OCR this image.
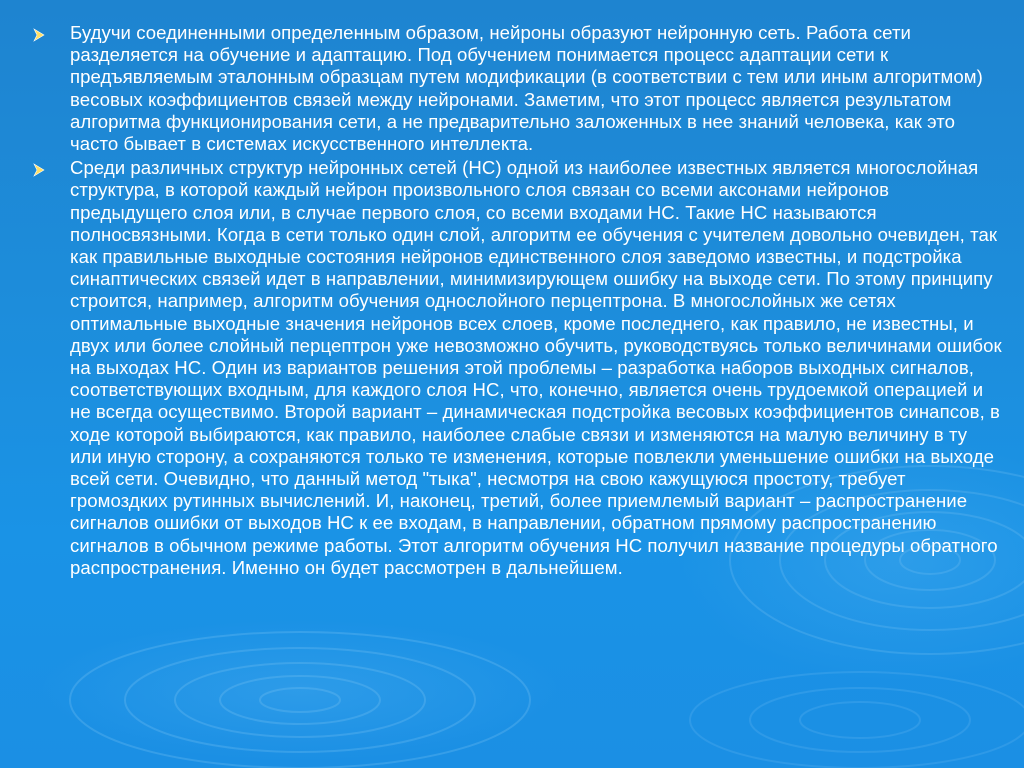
Будучи соединенными определенным образом, нейроны образуют нейронную сеть. Работа сети разделяется на обучение и адаптацию. Под обучением понимается процесс адаптации сети к предъявляемым эталонным образцам путем модификации (в соответствии с тем или иным алгоритмом) весовых коэффициентов связей между нейронами. Заметим, что этот процесс является результатом алгоритма функционирования сети, а не предварительно заложенных в нее знаний человека, как это часто бывает в системах искусственного интеллекта.
Среди различных структур нейронных сетей (НС) одной из наиболее известных является многослойная структура, в которой каждый нейрон произвольного слоя связан со всеми аксонами нейронов предыдущего слоя или, в случае первого слоя, со всеми входами НС. Такие НС называются полносвязными. Когда в сети только один слой, алгоритм ее обучения с учителем довольно очевиден, так как правильные выходные состояния нейронов единственного слоя заведомо известны, и подстройка синаптических связей идет в направлении, минимизирующем ошибку на выходе сети. По этому принципу строится, например, алгоритм обучения однослойного перцептрона. В многослойных же сетях оптимальные выходные значения нейронов всех слоев, кроме последнего, как правило, не известны, и двух или более слойный перцептрон уже невозможно обучить, руководствуясь только величинами ошибок на выходах НС. Один из вариантов решения этой проблемы – разработка наборов выходных сигналов, соответствующих входным, для каждого слоя НС, что, конечно, является очень трудоемкой операцией и не всегда осуществимо. Второй вариант – динамическая подстройка весовых коэффициентов синапсов, в ходе которой выбираются, как правило, наиболее слабые связи и изменяются на малую величину в ту или иную сторону, а сохраняются только те изменения, которые повлекли уменьшение ошибки на выходе всей сети. Очевидно, что данный метод "тыка", несмотря на свою кажущуюся простоту, требует громоздких рутинных вычислений. И, наконец, третий, более приемлемый вариант – распространение сигналов ошибки от выходов НС к ее входам, в направлении, обратном прямому распространению сигналов в обычном режиме работы. Этот алгоритм обучения НС получил название процедуры обратного распространения. Именно он будет рассмотрен в дальнейшем.
